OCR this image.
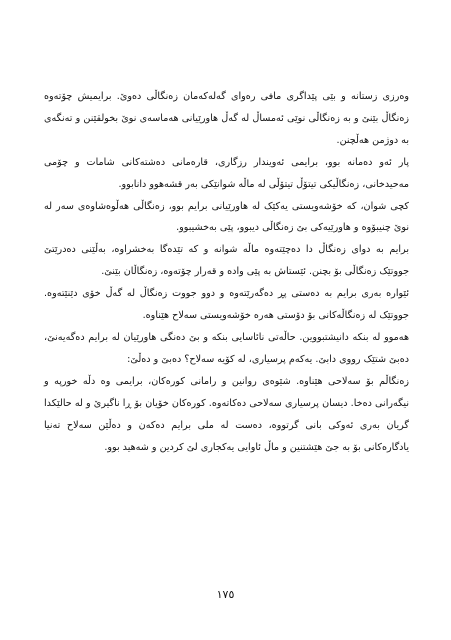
وەرزی زستانە و بێی پێداگری مافی رەوای گەلەکەمان زەنگاڵی دەوێ. برایمیش چۆتەوە زەنگاڵ بێنێ و بە زەنگاڵی نوێی ئەمساڵ لە گەڵ هاورێیانی هەماسەی نوێ بخولقێنن و تەنگەی بە دوژمن هەڵچنن.

پار ئەو دەمانە بوو، برایمی ئەویندار رزگاری، قارەمانی دەشتەکانی شامات و چۆمی مەحیدخانی، زەنگاڵیکی تیتۆڵ تیتۆڵی لە ماڵە شوانێکی بەر قشەهوو دانابوو.

کچی شوان، کە خۆشەویستی یەکێک لە هاورێیانی برایم بوو، زەنگاڵی هەڵوەشاوەی سەر لە نوێ چنیبۆوە و هاورێیەکی بێ زەنگاڵی دیبوو، پێی بەخشیبوو.

برایم بە دوای زەنگاڵ دا دەچێتەوە ماڵە شوانە و کە تێدەگا بەخشراوە، بەڵێنی دەدرێتێ جووتێک زەنگاڵی بۆ بچنن. ئێستاش بە پێی وادە و قەرار چۆتەوە، زەنگاڵان بێنێ.

ئێوارە بەری برایم بە دەستی پڕ دەگەرێتەوە و دوو جووت زەنگاڵ لە گەڵ خۆی دێنێتەوە. جووتێک لە زەنگاڵەکانی بۆ دۆستی هەرە خۆشەویستی سەلاح هێناوە.

هەموو لە بنکە دانیشتبووین. حاڵەتی نائاسایی بنکە و بێ دەنگی هاورێیان لە برایم دەگەیەنێ، دەبێ شتێک رووی دابێ. یەکەم پرسیاری، لە کۆیە سەلاح؟ دەبێ و دەڵێ:

زەنگاڵم بۆ سەلاحی هێناوە. شێوەی روانین و رامانی کورەکان، برایمی وە دڵە خورپە و نیگەرانی دەخا. دیسان پرسیاری سەلاحی دەکاتەوە. کورەکان خۆیان بۆ ڕا ناگیرێ و لە حالێکدا گریان بەری ئەوکی بانی گرتووە، دەست لە ملی برایم دەکەن و دەڵێن سەلاح تەنیا یادگارەکانی بۆ بە جێ هێشتنین و ماڵ ئاوایی یەکجاری لێ کردین و شەهید بوو.

١٧٥
